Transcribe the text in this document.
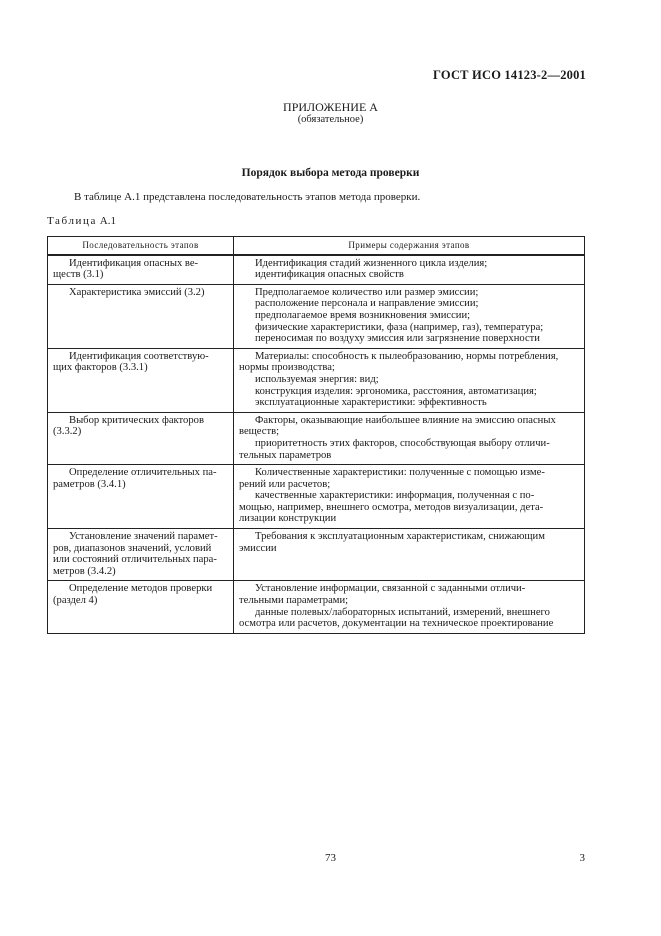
ГОСТ ИСО 14123-2—2001
ПРИЛОЖЕНИЕ А
(обязательное)
Порядок выбора метода проверки
В таблице А.1 представлена последовательность этапов метода проверки.
Таблица А.1
Последовательность этапов	Примеры содержания этапов

Идентификация опасных ве-
ществ (3.1)	Идентификация стадий жизненного цикла изделия;
идентификация опасных свойств

Характеристика эмиссий (3.2)	Предполагаемое количество или размер эмиссии;
расположение персонала и направление эмиссии;
предполагаемое время возникновения эмиссии;
физические характеристики, фаза (например, газ), температура;
переносимая по воздуху эмиссия или загрязнение поверхности

Идентификация соответствую-
щих факторов (3.3.1)	Материалы: способность к пылеобразованию, нормы потребления,
нормы производства;
используемая энергия: вид;
конструкция изделия: эргономика, расстояния, автоматизация;
эксплуатационные характеристики: эффективность

Выбор критических факторов
(3.3.2)	Факторы, оказывающие наибольшее влияние на эмиссию опасных
веществ;
приоритетность этих факторов, способствующая выбору отличи-
тельных параметров

Определение отличительных па-
раметров (3.4.1)	Количественные характеристики: полученные с помощью изме-
рений или расчетов;
качественные характеристики: информация, полученная с по-
мощью, например, внешнего осмотра, методов визуализации, дета-
лизации конструкции

Установление значений парамет-
ров, диапазонов значений, условий
или состояний отличительных пара-
метров (3.4.2)	Требования к эксплуатационным характеристикам, снижающим
эмиссии

Определение методов проверки
(раздел 4)	Установление информации, связанной с заданными отличи-
тельными параметрами;
данные полевых/лабораторных испытаний, измерений, внешнего
осмотра или расчетов, документации на техническое проектирование
73	3
